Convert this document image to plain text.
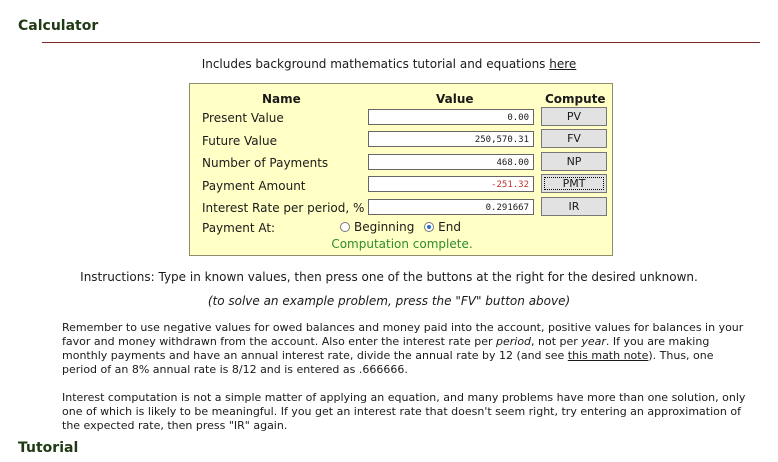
Calculator
Includes background mathematics tutorial and equations here
Name	Value	Compute
Present Value	0.00	PV
Future Value	250,570.31	FV
Number of Payments	468.00	NP
Payment Amount	-251.32	PMT
Interest Rate per period, %	0.291667	IR
Payment At:	Beginning End
Computation complete.
Instructions: Type in known values, then press one of the buttons at the right for the desired unknown.
(to solve an example problem, press the "FV" button above)
Remember to use negative values for owed balances and money paid into the account, positive values for balances in your favor and money withdrawn from the account. Also enter the interest rate per period, not per year. If you are making monthly payments and have an annual interest rate, divide the annual rate by 12 (and see this math note). Thus, one period of an 8% annual rate is 8/12 and is entered as .666666.
Interest computation is not a simple matter of applying an equation, and many problems have more than one solution, only one of which is likely to be meaningful. If you get an interest rate that doesn't seem right, try entering an approximation of the expected rate, then press "IR" again.
Tutorial
